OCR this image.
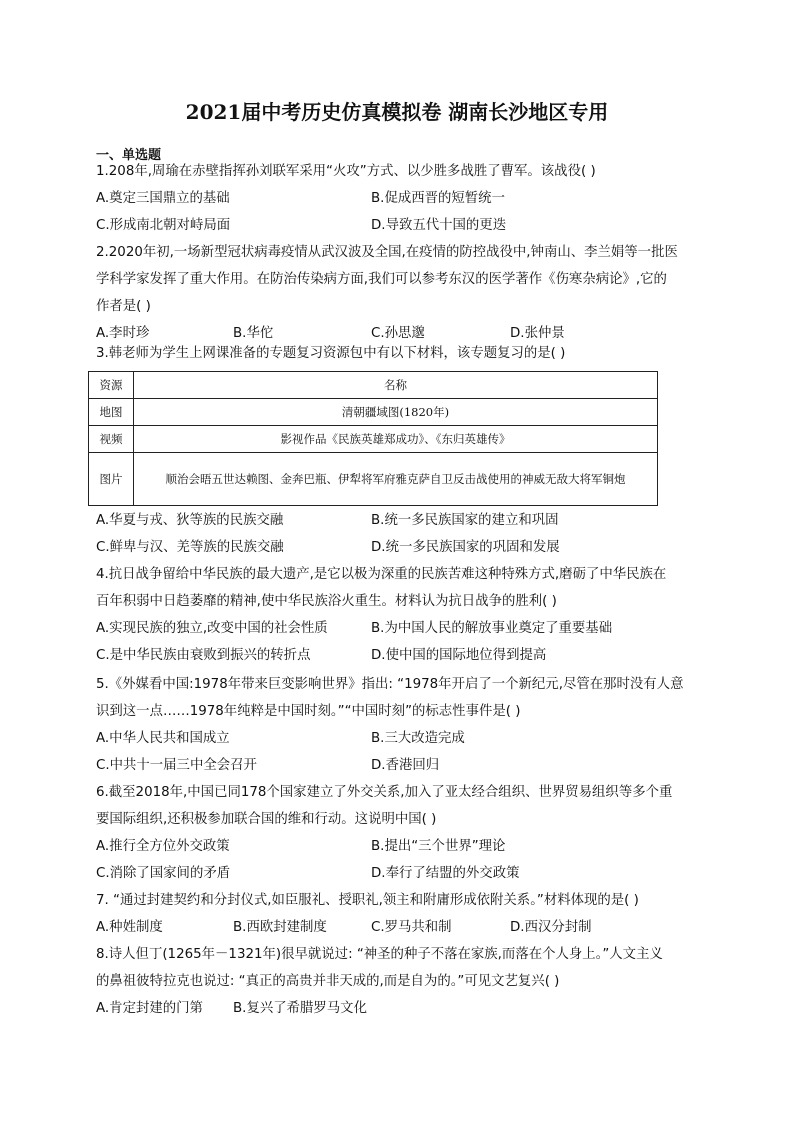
2021届中考历史仿真模拟卷 湖南长沙地区专用
一、单选题
1.208年,周瑜在赤壁指挥孙刘联军采用“火攻”方式、以少胜多战胜了曹军。该战役( )
A.奠定三国鼎立的基础	B.促成西晋的短暂统一
C.形成南北朝对峙局面	D.导致五代十国的更迭
2.2020年初,一场新型冠状病毒疫情从武汉波及全国,在疫情的防控战役中,钟南山、李兰娟等一批医
学科学家发挥了重大作用。在防治传染病方面,我们可以参考东汉的医学著作《伤寒杂病论》,它的
作者是( )
A.李时珍	B.华佗	C.孙思邈	D.张仲景
3.韩老师为学生上网课准备的专题复习资源包中有以下材料，该专题复习的是( )
资源	名称
地图	清朝疆域图(1820年)
视频	影视作品《民族英雄郑成功》、《东归英雄传》
图片	顺治会晤五世达赖图、金奔巴瓶、伊犁将军府雅克萨自卫反击战使用的神威无敌大将军铜炮
A.华夏与戎、狄等族的民族交融	B.统一多民族国家的建立和巩固
C.鲜卑与汉、羌等族的民族交融	D.统一多民族国家的巩固和发展
4.抗日战争留给中华民族的最大遗产,是它以极为深重的民族苦难这种特殊方式,磨砺了中华民族在
百年积弱中日趋萎靡的精神,使中华民族浴火重生。材料认为抗日战争的胜利( )
A.实现民族的独立,改变中国的社会性质	B.为中国人民的解放事业奠定了重要基础
C.是中华民族由衰败到振兴的转折点	D.使中国的国际地位得到提高
5.《外媒看中国:1978年带来巨变影响世界》指出: “1978年开启了一个新纪元,尽管在那时没有人意
识到这一点……1978年纯粹是中国时刻。”“中国时刻”的标志性事件是( )
A.中华人民共和国成立	B.三大改造完成
C.中共十一届三中全会召开	D.香港回归
6.截至2018年,中国已同178个国家建立了外交关系,加入了亚太经合组织、世界贸易组织等多个重
要国际组织,还积极参加联合国的维和行动。这说明中国( )
A.推行全方位外交政策	B.提出“三个世界”理论
C.消除了国家间的矛盾	D.奉行了结盟的外交政策
7. “通过封建契约和分封仪式,如臣服礼、授职礼,领主和附庸形成依附关系。”材料体现的是( )
A.种姓制度	B.西欧封建制度	C.罗马共和制	D.西汉分封制
8.诗人但丁(1265年－1321年)很早就说过: “神圣的种子不落在家族,而落在个人身上。”人文主义
的鼻祖彼特拉克也说过: “真正的高贵并非天成的,而是自为的。”可见文艺复兴( )
A.肯定封建的门第 B.复兴了希腊罗马文化
